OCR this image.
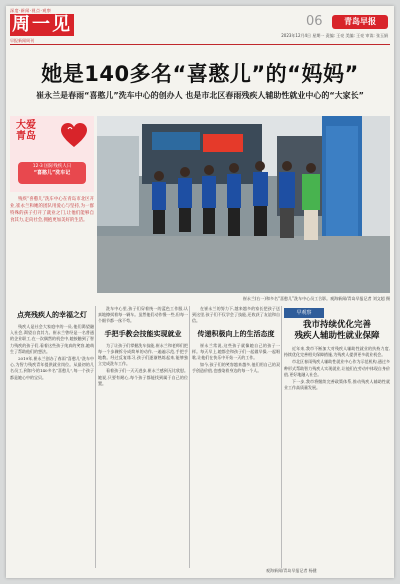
深度·新闻·视点·观察
周一见
早报新闻周刊
06	青岛早报
2023年12月4日 星期一 责编: 王亮 美编: 王亮 审读: 张玉娟
她是140多名“喜憨儿”的“妈妈”
崔永兰是春雨“喜憨儿”洗车中心的创办人 也是市北区春雨残疾人辅助性就业中心的“大家长”
大爱
青岛
12·3 国际残疾人日
“喜憨儿”洗车记

残疾“喜憨儿”洗车中心在青岛市北区开业,崔永兰和她的团队用爱心与坚持,为一群特殊的孩子打开了就业之门,让他们能够自食其力,走向社会,拥抱更加美好的生活。

崔永兰(右一)和多名“喜憨儿”洗车中心员工合影。观海新闻/青岛早报记者 刘文超 摄
点亮残疾人的幸福之灯

残疾人是社会大家庭中的一员,他们渴望融入社会,渴望自食其力。崔永兰曾经是一名普通的企业职工,在一次偶然的机会中,她接触到了智力残疾的孩子们,看着这些孩子纯真的笑容,她萌生了帮助他们的想法。

2019年,崔永兰创办了春雨“喜憨儿”洗车中心,为智力残疾青年提供就业岗位。从最初的几名员工,到如今的140多名“喜憨儿”,每一个孩子都是她心中的宝贝。

洗车中心里,孩子们穿着统一的蓝色工作服,认真地擦拭着每一辆车。虽然他们动作慢一些,但每一个细节都一丝不苟。

手把手教会技能实现就业

为了让孩子们掌握洗车技能,崔永兰和老师们把每一个步骤拆分成简单的动作,一遍遍示范,手把手地教。经过反复练习,孩子们逐渐熟练起来,能够独立完成洗车工作。

看着孩子们一天天进步,崔永兰感到无比欣慰。她说,只要有耐心,每个孩子都能找到属于自己的位置。

在崔永兰的努力下,越来越多的家长把孩子送到这里,孩子们不仅学会了技能,还收获了友谊和自信。

传递积极向上的生活态度

崔永兰常说,这些孩子就像她自己的孩子一样。每天早上,她都会和孩子们一起做早操,一起唱歌,让他们在快乐中开始一天的工作。

如今,孩子们的笑容越来越多,他们用自己的双手创造价值,也感染着身边的每一个人。

我市持续优化完善
残疾人辅助性就业保障

近年来,我市不断加大对残疾人辅助性就业的扶持力度,持续优化完善相关保障措施,为残疾人提供更多就业机会。

市北区春雨残疾人辅助性就业中心作为示范机构,通过多种形式帮助智力残疾人实现就业,让他们在劳动中体现自身价值,更好地融入社会。

下一步,我市将继续完善政策体系,推动残疾人辅助性就业工作高质量发展。

早观察
观海新闻/青岛早报记者 杨健
